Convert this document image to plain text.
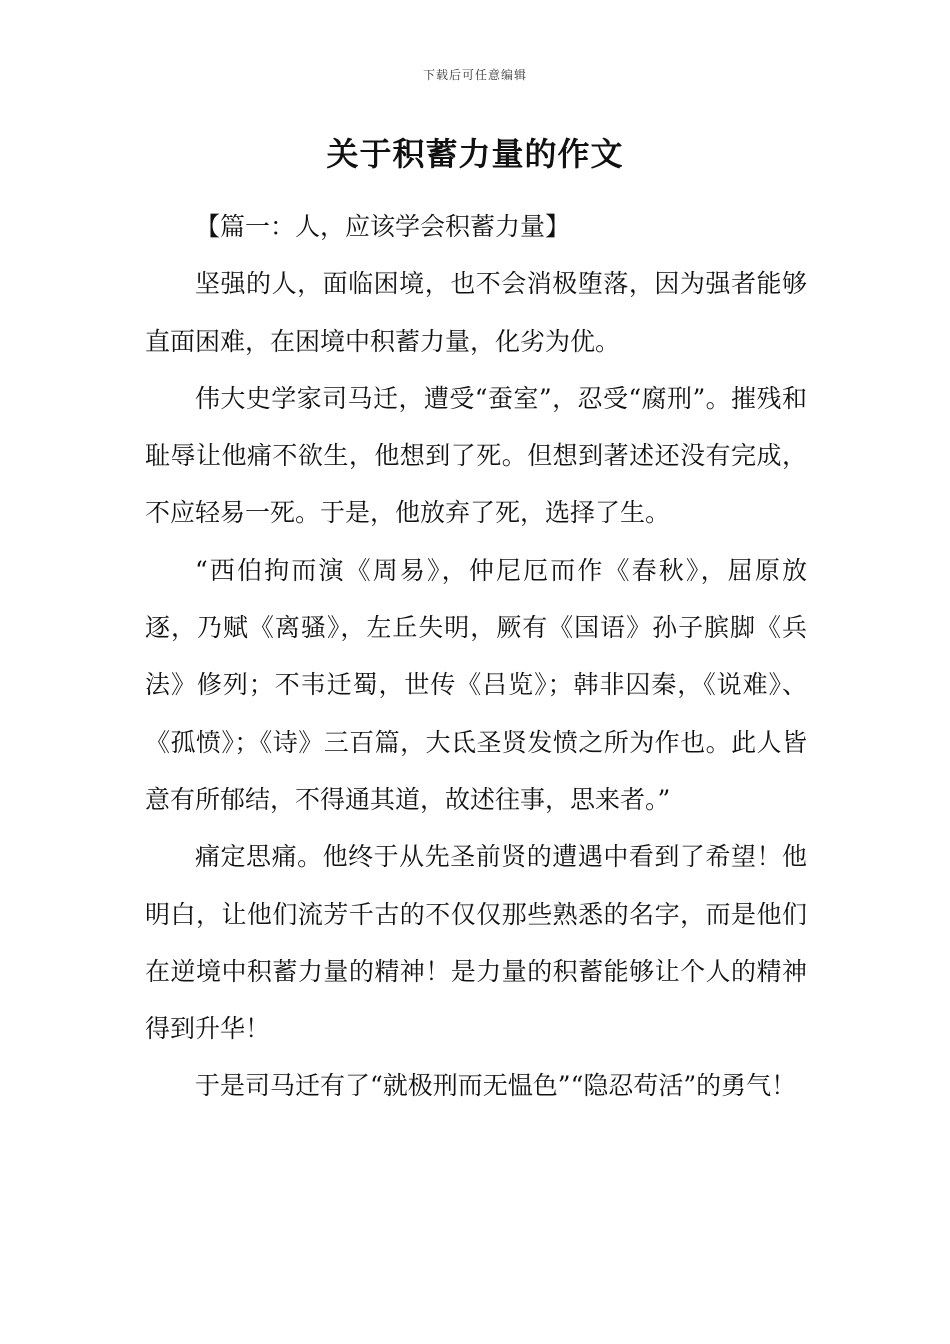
下载后可任意编辑
关于积蓄力量的作文

【篇一：人，应该学会积蓄力量】

坚强的人，面临困境，也不会消极堕落，因为强者能够直面困难，在困境中积蓄力量，化劣为优。

伟大史学家司马迁，遭受“蚕室”，忍受“腐刑”。摧残和耻辱让他痛不欲生，他想到了死。但想到著述还没有完成，不应轻易一死。于是，他放弃了死，选择了生。

“西伯拘而演《周易》，仲尼厄而作《春秋》，屈原放逐，乃赋《离骚》，左丘失明，厥有《国语》孙子膑脚《兵法》修列；不韦迁蜀，世传《吕览》；韩非囚秦，《说难》、《孤愤》；《诗》三百篇，大氐圣贤发愤之所为作也。此人皆意有所郁结，不得通其道，故述往事，思来者。”

痛定思痛。他终于从先圣前贤的遭遇中看到了希望！他明白，让他们流芳千古的不仅仅那些熟悉的名字，而是他们在逆境中积蓄力量的精神！是力量的积蓄能够让个人的精神得到升华！

于是司马迁有了“就极刑而无愠色”“隐忍苟活”的勇气！
